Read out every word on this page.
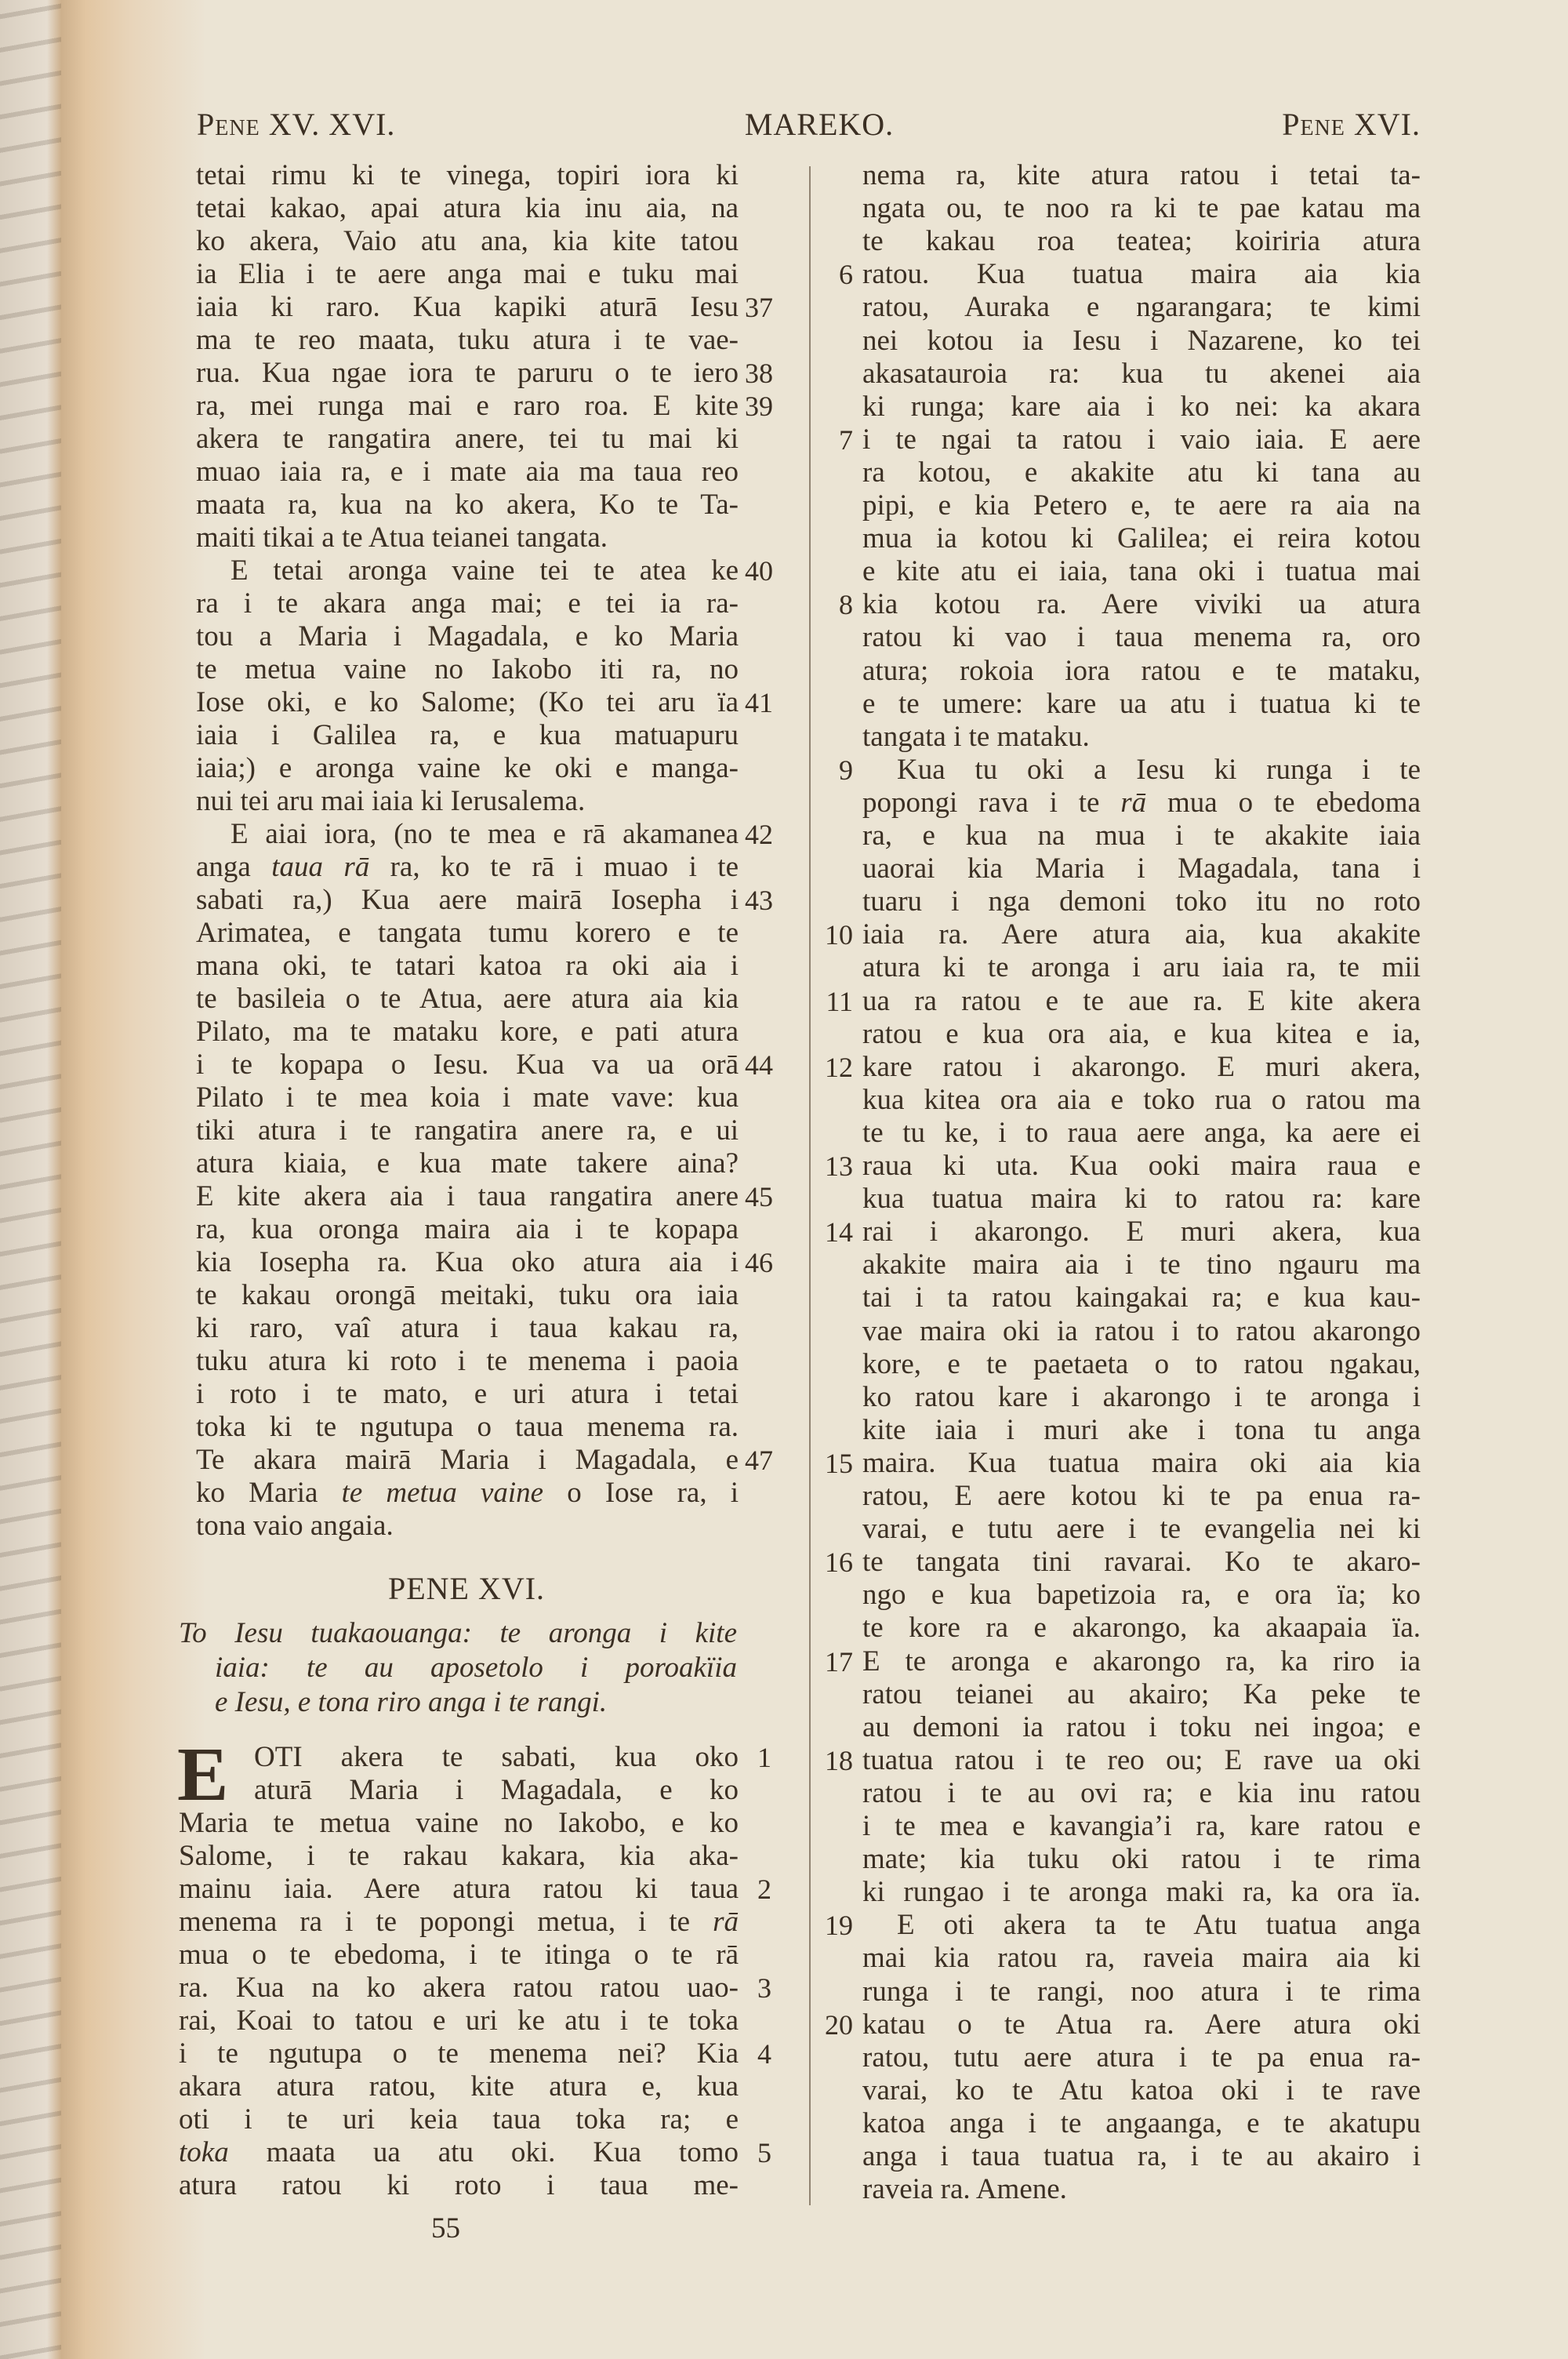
Pene XV. XVI.	MAREKO.	Pene XVI.
tetai rimu ki te vinega, topiri iora ki
tetai kakao, apai atura kia inu aia, na
ko akera, Vaio atu ana, kia kite tatou
ia Elia i te aere anga mai e tuku mai
iaia ki raro. Kua kapiki aturā Iesu 37
ma te reo maata, tuku atura i te vae-
rua. Kua ngae iora te paruru o te iero 38
ra, mei runga mai e raro roa. E kite 39
akera te rangatira anere, tei tu mai ki
muao iaia ra, e i mate aia ma taua reo
maata ra, kua na ko akera, Ko te Ta-
maiti tikai a te Atua teianei tangata.
E tetai aronga vaine tei te atea ke 40
ra i te akara anga mai; e tei ia ra-
tou a Maria i Magadala, e ko Maria
te metua vaine no Iakobo iti ra, no
Iose oki, e ko Salome; (Ko tei aru ïa 41
iaia i Galilea ra, e kua matuapuru
iaia;) e aronga vaine ke oki e manga-
nui tei aru mai iaia ki Ierusalema.
E aiai iora, (no te mea e rā akamanea 42
anga taua rā ra, ko te rā i muao i te
sabati ra,) Kua aere mairā Iosepha i 43
Arimatea, e tangata tumu korero e te
mana oki, te tatari katoa ra oki aia i
te basileia o te Atua, aere atura aia kia
Pilato, ma te mataku kore, e pati atura
i te kopapa o Iesu. Kua va ua orā 44
Pilato i te mea koia i mate vave: kua
tiki atura i te rangatira anere ra, e ui
atura kiaia, e kua mate takere aina?
E kite akera aia i taua rangatira anere 45
ra, kua oronga maira aia i te kopapa
kia Iosepha ra. Kua oko atura aia i 46
te kakau orongā meitaki, tuku ora iaia
ki raro, vaî atura i taua kakau ra,
tuku atura ki roto i te menema i paoia
i roto i te mato, e uri atura i tetai
toka ki te ngutupa o taua menema ra.
Te akara mairā Maria i Magadala, e 47
ko Maria te metua vaine o Iose ra, i
tona vaio angaia.
PENE XVI.
To Iesu tuakaouanga: te aronga i kite
iaia: te au aposetolo i poroakïia
e Iesu, e tona riro anga i te rangi.
E OTI akera te sabati, kua oko 1
aturā Maria i Magadala, e ko
Maria te metua vaine no Iakobo, e ko
Salome, i te rakau kakara, kia aka-
mainu iaia. Aere atura ratou ki taua 2
menema ra i te popongi metua, i te rā
mua o te ebedoma, i te itinga o te rā
ra. Kua na ko akera ratou ratou uao- 3
rai, Koai to tatou e uri ke atu i te toka
i te ngutupa o te menema nei? Kia 4
akara atura ratou, kite atura e, kua
oti i te uri keia taua toka ra; e
toka maata ua atu oki. Kua tomo 5
atura ratou ki roto i taua me-
55
nema ra, kite atura ratou i tetai ta-
ngata ou, te noo ra ki te pae katau ma
te kakau roa teatea; koiriria atura
ratou. Kua tuatua maira aia kia
6
ratou, Auraka e ngarangara; te kimi
nei kotou ia Iesu i Nazarene, ko tei
akasatauroia ra: kua tu akenei aia
ki runga; kare aia i ko nei: ka akara
i te ngai ta ratou i vaio iaia. E aere
7
ra kotou, e akakite atu ki tana au
pipi, e kia Petero e, te aere ra aia na
mua ia kotou ki Galilea; ei reira kotou
e kite atu ei iaia, tana oki i tuatua mai
kia kotou ra. Aere viviki ua atura
8
ratou ki vao i taua menema ra, oro
atura; rokoia iora ratou e te mataku,
e te umere: kare ua atu i tuatua ki te
tangata i te mataku.
Kua tu oki a Iesu ki runga i te
9
popongi rava i te rā mua o te ebedoma
ra, e kua na mua i te akakite iaia
uaorai kia Maria i Magadala, tana i
tuaru i nga demoni toko itu no roto
iaia ra. Aere atura aia, kua akakite
10
atura ki te aronga i aru iaia ra, te mii
ua ra ratou e te aue ra. E kite akera
11
ratou e kua ora aia, e kua kitea e ia,
kare ratou i akarongo. E muri akera,
12
kua kitea ora aia e toko rua o ratou ma
te tu ke, i to raua aere anga, ka aere ei
raua ki uta. Kua ooki maira raua e
13
kua tuatua maira ki to ratou ra: kare
rai i akarongo. E muri akera, kua
14
akakite maira aia i te tino ngauru ma
tai i ta ratou kaingakai ra; e kua kau-
vae maira oki ia ratou i to ratou akarongo
kore, e te paetaeta o to ratou ngakau,
ko ratou kare i akarongo i te aronga i
kite iaia i muri ake i tona tu anga
maira. Kua tuatua maira oki aia kia
15
ratou, E aere kotou ki te pa enua ra-
varai, e tutu aere i te evangelia nei ki
te tangata tini ravarai. Ko te akaro-
16
ngo e kua bapetizoia ra, e ora ïa; ko
te kore ra e akarongo, ka akaapaia ïa.
E te aronga e akarongo ra, ka riro ia
17
ratou teianei au akairo; Ka peke te
au demoni ia ratou i toku nei ingoa; e
tuatua ratou i te reo ou; E rave ua oki
18
ratou i te au ovi ra; e kia inu ratou
i te mea e kavangia’i ra, kare ratou e
mate; kia tuku oki ratou i te rima
ki rungao i te aronga maki ra, ka ora ïa.
E oti akera ta te Atu tuatua anga
19
mai kia ratou ra, raveia maira aia ki
runga i te rangi, noo atura i te rima
katau o te Atua ra. Aere atura oki
20
ratou, tutu aere atura i te pa enua ra-
varai, ko te Atu katoa oki i te rave
katoa anga i te angaanga, e te akatupu
anga i taua tuatua ra, i te au akairo i
raveia ra. Amene.
